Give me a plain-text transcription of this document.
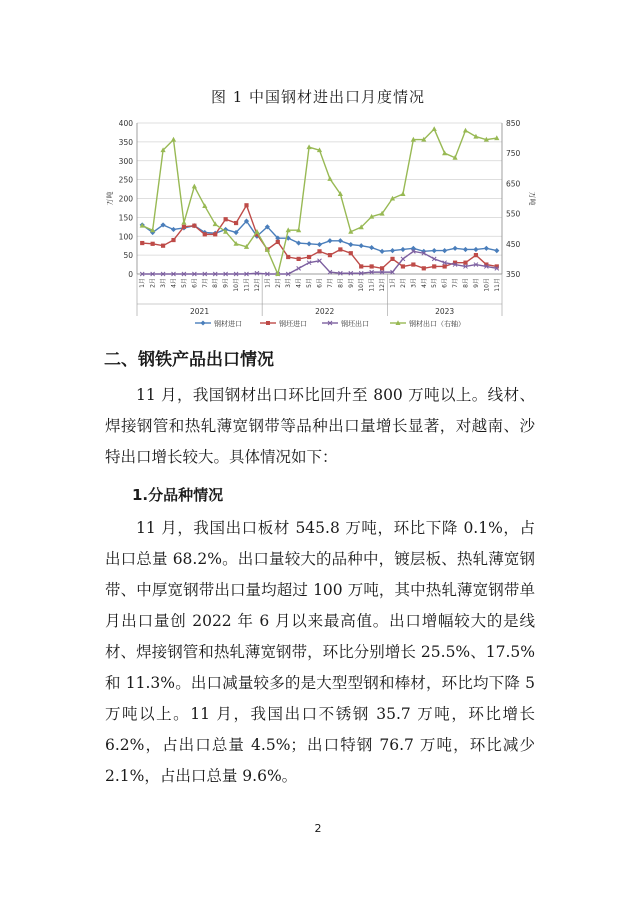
图 1 中国钢材进出口月度情况
0
50
100
150
200
250
300
350
400
350
450
550
650
750
850
万吨	万吨
1月 2月 3月 4月 5月 6月 7月 8月 9月 10月 11月 12月 1月 2月 3月 4月 5月 6月 7月 8月 9月 10月 11月 12月 1月 2月 3月 4月 5月 6月 7月 8月 9月 10月 11月
2021	2022	2023
钢材进口	钢坯进口	钢坯出口	钢材出口（右轴）
二、钢铁产品出口情况

11 月，我国钢材出口环比回升至 800 万吨以上。线材、焊接钢管和热轧薄宽钢带等品种出口量增长显著，对越南、沙特出口增长较大。具体情况如下：

1.分品种情况

11 月，我国出口板材 545.8 万吨，环比下降 0.1%，占出口总量 68.2%。出口量较大的品种中，镀层板、热轧薄宽钢带、中厚宽钢带出口量均超过 100 万吨，其中热轧薄宽钢带单月出口量创 2022 年 6 月以来最高值。出口增幅较大的是线材、焊接钢管和热轧薄宽钢带，环比分别增长 25.5%、17.5%和 11.3%。出口减量较多的是大型型钢和棒材，环比均下降 5 万吨以上。11 月，我国出口不锈钢 35.7 万吨，环比增长 6.2%，占出口总量 4.5%；出口特钢 76.7 万吨，环比减少 2.1%，占出口总量 9.6%。

2
